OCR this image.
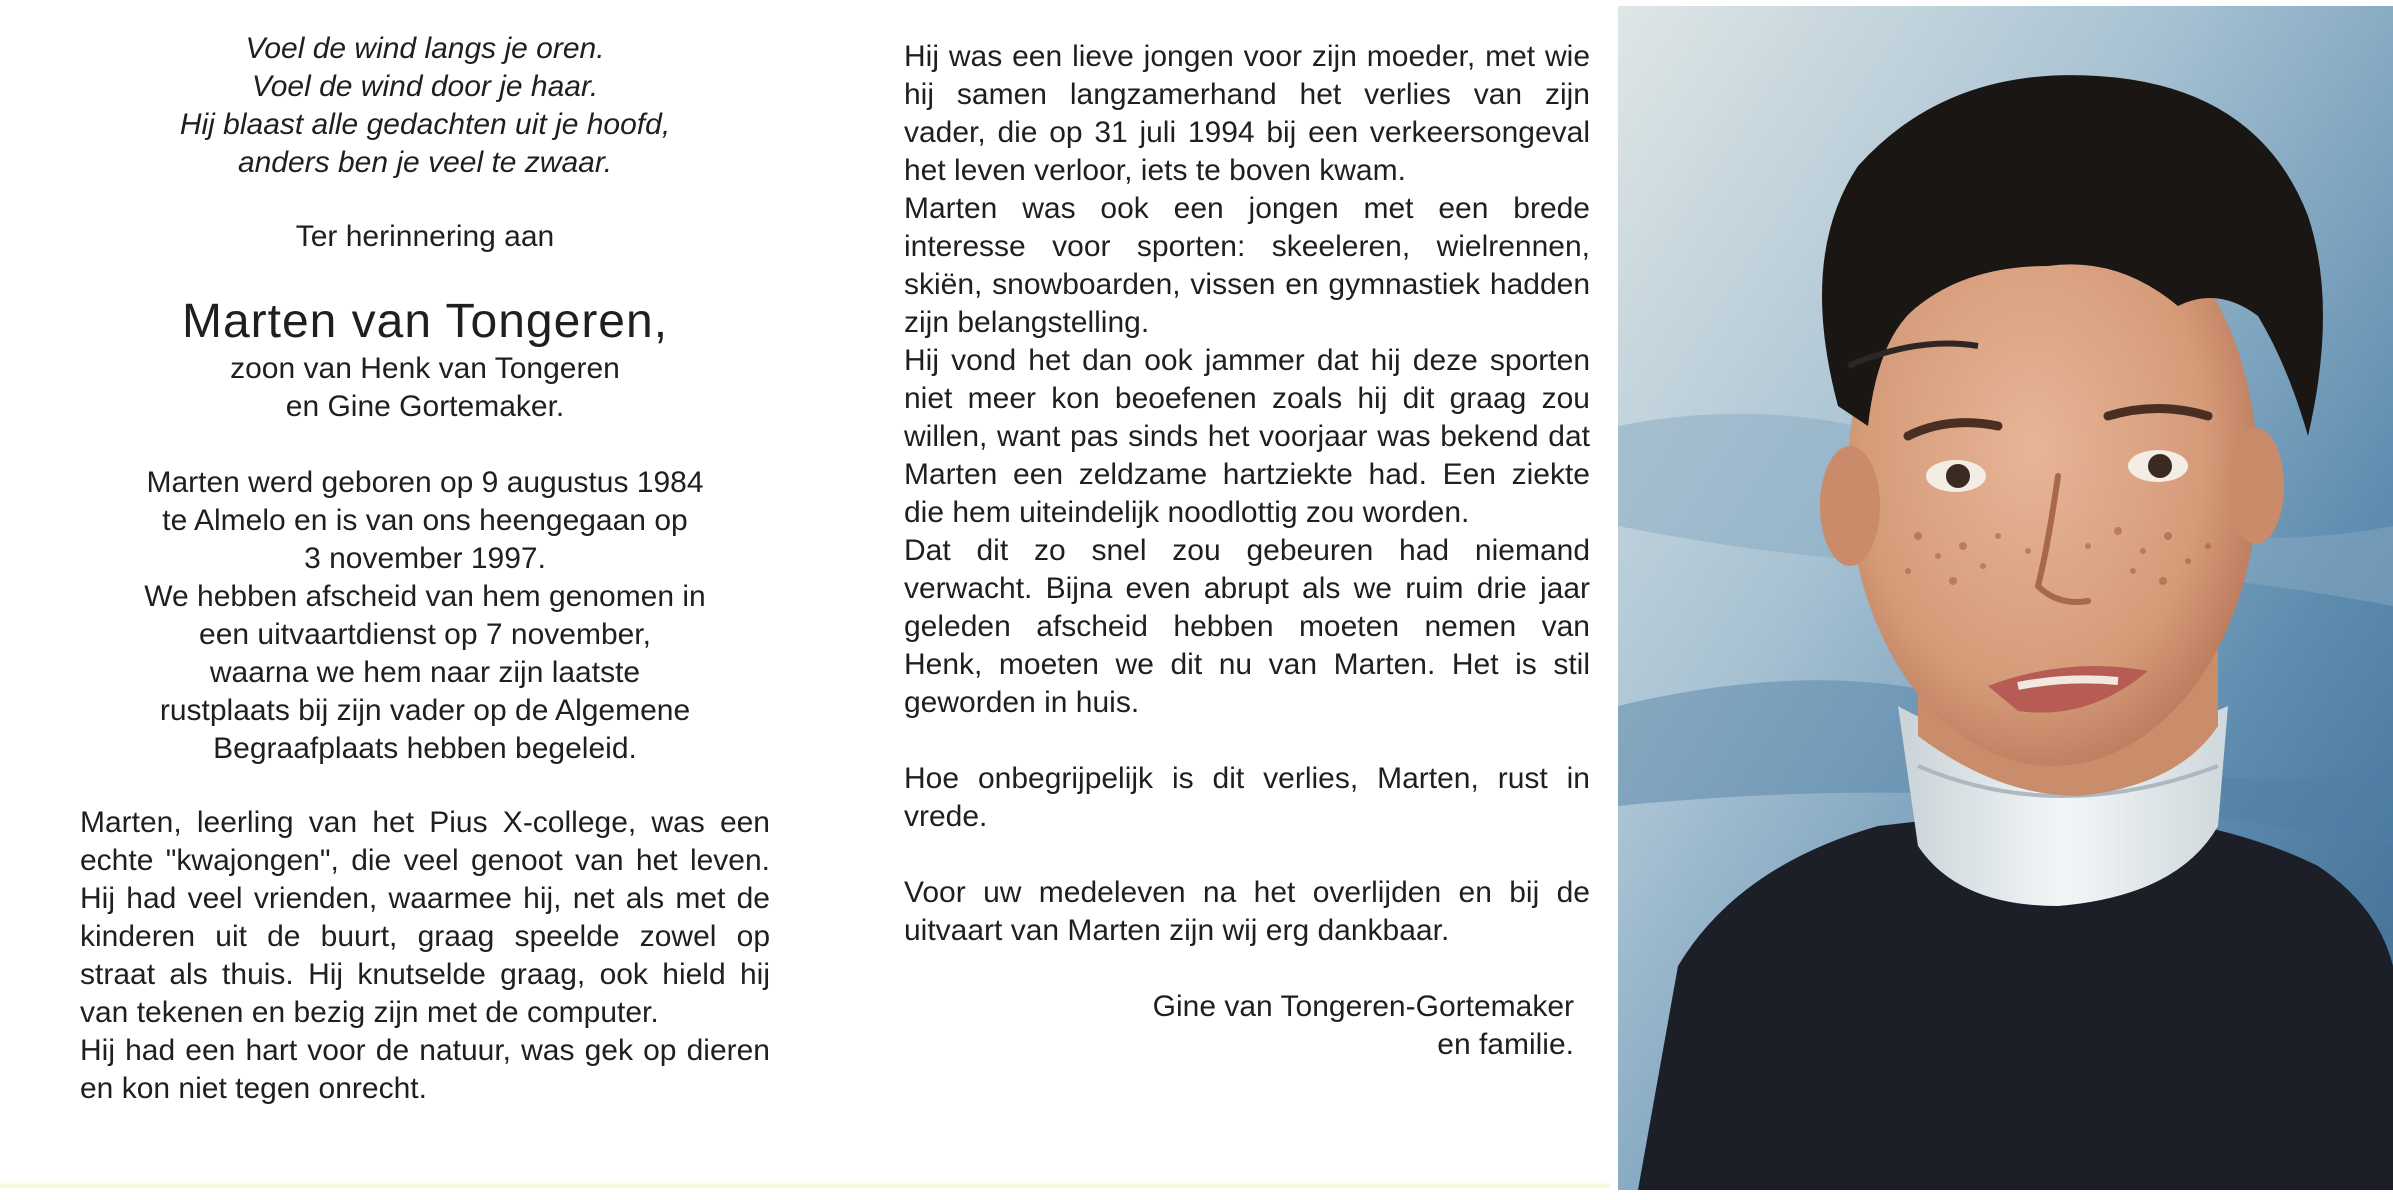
Voel de wind langs je oren.
Voel de wind door je haar.
Hij blaast alle gedachten uit je hoofd,
anders ben je veel te zwaar.
Ter herinnering aan
Marten van Tongeren,
zoon van Henk van Tongeren
en Gine Gortemaker.
Marten werd geboren op 9 augustus 1984
te Almelo en is van ons heengegaan op
3 november 1997.
We hebben afscheid van hem genomen in
een uitvaartdienst op 7 november,
waarna we hem naar zijn laatste
rustplaats bij zijn vader op de Algemene
Begraafplaats hebben begeleid.

Marten, leerling van het Pius X-college, was een echte "kwajongen", die veel genoot van het leven. Hij had veel vrienden, waarmee hij, net als met de kinderen uit de buurt, graag speelde zowel op straat als thuis. Hij knutselde graag, ook hield hij van tekenen en bezig zijn met de computer.

Hij had een hart voor de natuur, was gek op dieren en kon niet tegen onrecht.

Hij was een lieve jongen voor zijn moeder, met wie hij samen langzamerhand het verlies van zijn vader, die op 31 juli 1994 bij een verkeersongeval het leven verloor, iets te boven kwam.

Marten was ook een jongen met een brede interesse voor sporten: skeeleren, wielrennen, skiën, snowboarden, vissen en gymnastiek hadden zijn belangstelling.

Hij vond het dan ook jammer dat hij deze sporten niet meer kon beoefenen zoals hij dit graag zou willen, want pas sinds het voorjaar was bekend dat Marten een zeldzame hartziekte had. Een ziekte die hem uiteindelijk noodlottig zou worden.

Dat dit zo snel zou gebeuren had niemand verwacht. Bijna even abrupt als we ruim drie jaar geleden afscheid hebben moeten nemen van Henk, moeten we dit nu van Marten. Het is stil geworden in huis.

Hoe onbegrijpelijk is dit verlies, Marten, rust in vrede.

Voor uw medeleven na het overlijden en bij de uitvaart van Marten zijn wij erg dankbaar.

Gine van Tongeren-Gortemaker
en familie.
